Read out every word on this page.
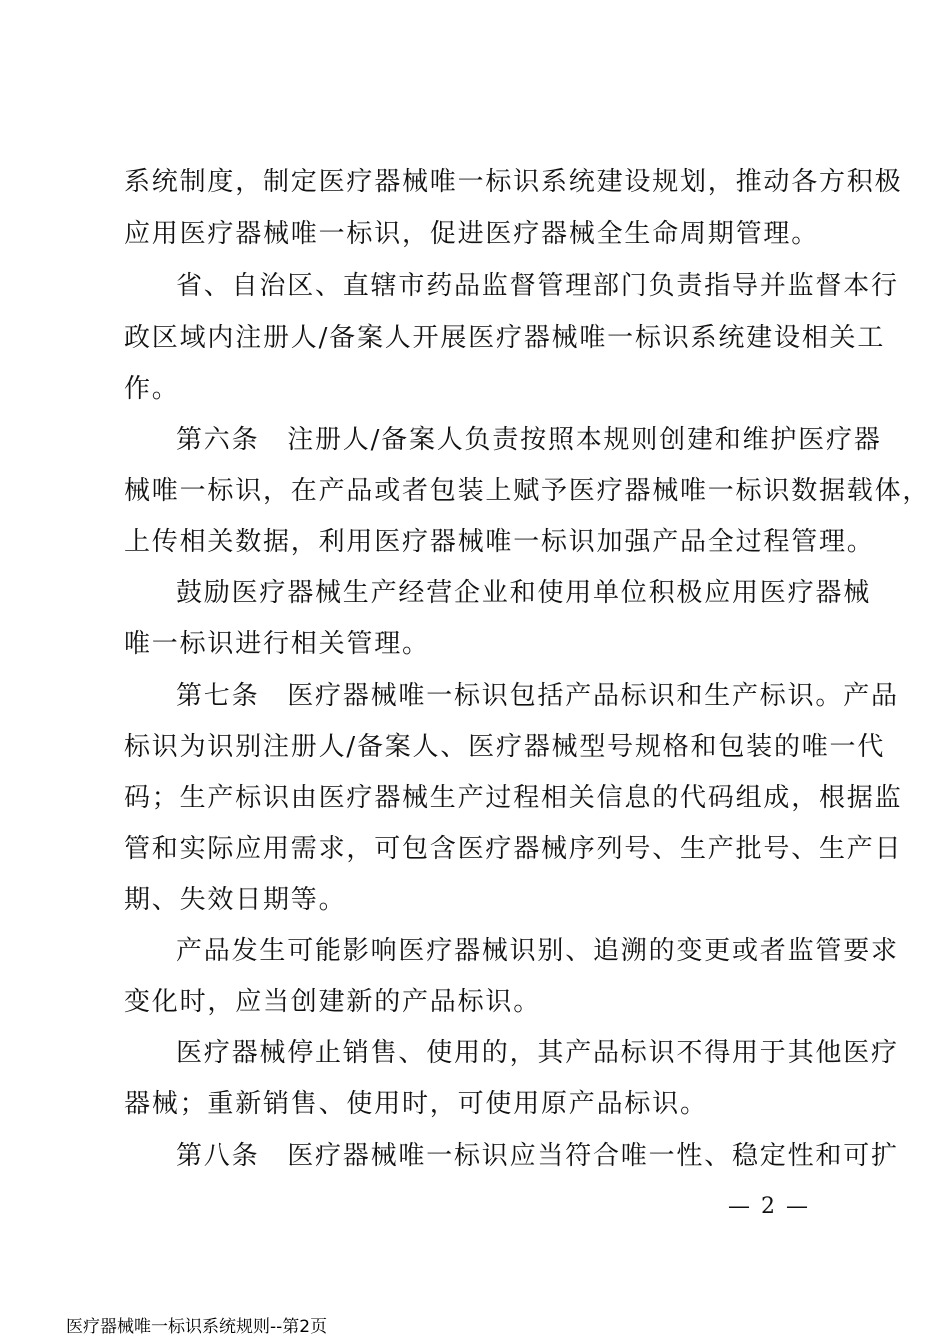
系统制度，制定医疗器械唯一标识系统建设规划，推动各方积极
应用医疗器械唯一标识，促进医疗器械全生命周期管理。
省、自治区、直辖市药品监督管理部门负责指导并监督本行
政区域内注册人/备案人开展医疗器械唯一标识系统建设相关工
作。
第六条　注册人/备案人负责按照本规则创建和维护医疗器
械唯一标识，在产品或者包装上赋予医疗器械唯一标识数据载体，
上传相关数据，利用医疗器械唯一标识加强产品全过程管理。
鼓励医疗器械生产经营企业和使用单位积极应用医疗器械
唯一标识进行相关管理。
第七条　医疗器械唯一标识包括产品标识和生产标识。产品
标识为识别注册人/备案人、医疗器械型号规格和包装的唯一代
码；生产标识由医疗器械生产过程相关信息的代码组成，根据监
管和实际应用需求，可包含医疗器械序列号、生产批号、生产日
期、失效日期等。
产品发生可能影响医疗器械识别、追溯的变更或者监管要求
变化时，应当创建新的产品标识。
医疗器械停止销售、使用的，其产品标识不得用于其他医疗
器械；重新销售、使用时，可使用原产品标识。
第八条　医疗器械唯一标识应当符合唯一性、稳定性和可扩
— 2 —
医疗器械唯一标识系统规则--第2页
